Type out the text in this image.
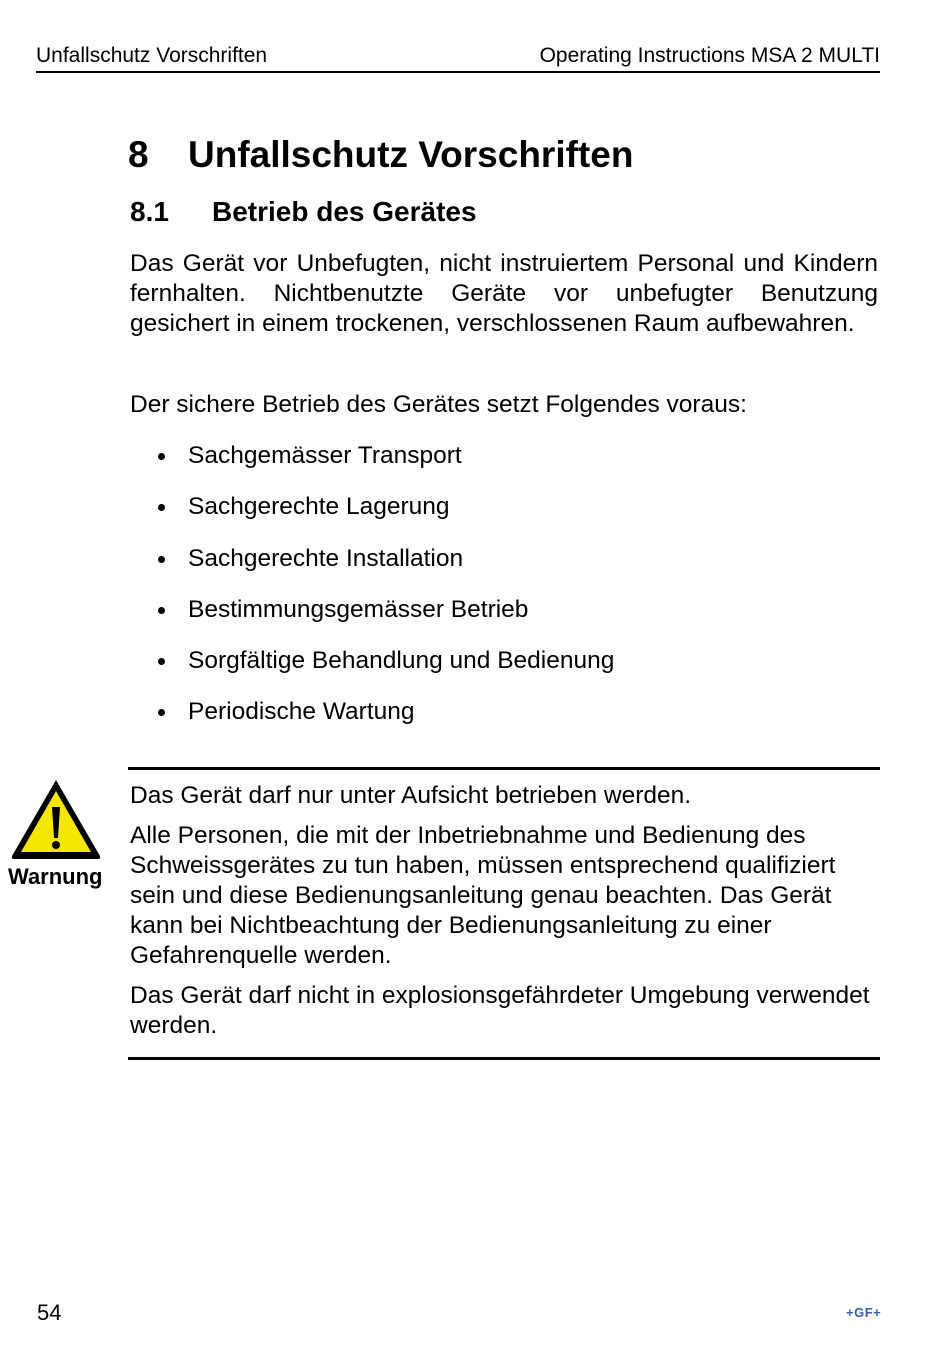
Unfallschutz Vorschriften	Operating Instructions MSA 2 MULTI
8 Unfallschutz Vorschriften
8.1 Betrieb des Gerätes

Das Gerät vor Unbefugten, nicht instruiertem Personal und Kindern fernhalten. Nichtbenutzte Geräte vor unbefugter Benutzung gesichert in einem trockenen, verschlossenen Raum aufbewahren.

Der sichere Betrieb des Gerätes setzt Folgendes voraus:

Sachgemässer Transport
Sachgerechte Lagerung
Sachgerechte Installation
Bestimmungsgemässer Betrieb
Sorgfältige Behandlung und Bedienung
Periodische Wartung
Warnung

Das Gerät darf nur unter Aufsicht betrieben werden.

Alle Personen, die mit der Inbetriebnahme und Bedienung des Schweissgerätes zu tun haben, müssen entsprechend qualifiziert sein und diese Bedienungsanleitung genau beachten. Das Gerät kann bei Nichtbeachtung der Bedienungsanleitung zu einer Gefahrenquelle werden.

Das Gerät darf nicht in explosionsgefährdeter Umgebung verwendet werden.

54	+GF+
